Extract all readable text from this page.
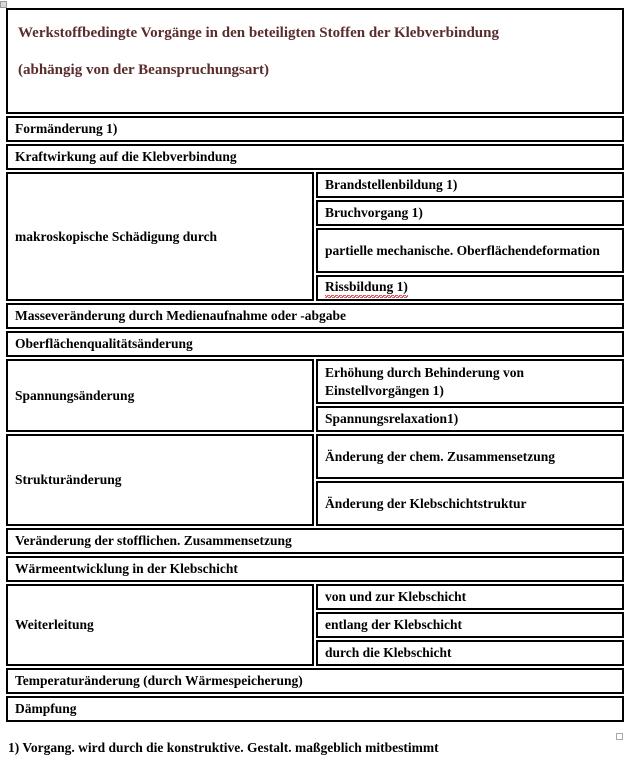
Werkstoffbedingte Vorgänge in den beteiligten Stoffen der Klebverbindung
(abhängig von der Beanspruchungsart)
Formänderung 1)
Kraftwirkung auf die Klebverbindung
makroskopische Schädigung durch
Brandstellenbildung 1)
Bruchvorgang 1)
partielle mechanische. Oberflächendeformation
Rissbildung 1)
Masseveränderung durch Medienaufnahme oder -abgabe
Oberflächenqualitätsänderung
Spannungsänderung
Erhöhung durch Behinderung von Einstellvorgängen 1)
Spannungsrelaxation1)
Strukturänderung
Änderung der chem. Zusammensetzung
Änderung der Klebschichtstruktur
Veränderung der stofflichen. Zusammensetzung
Wärmeentwicklung in der Klebschicht
Weiterleitung
von und zur Klebschicht
entlang der Klebschicht
durch die Klebschicht
Temperaturänderung (durch Wärmespeicherung)
Dämpfung
1) Vorgang. wird durch die konstruktive. Gestalt. maßgeblich mitbestimmt
